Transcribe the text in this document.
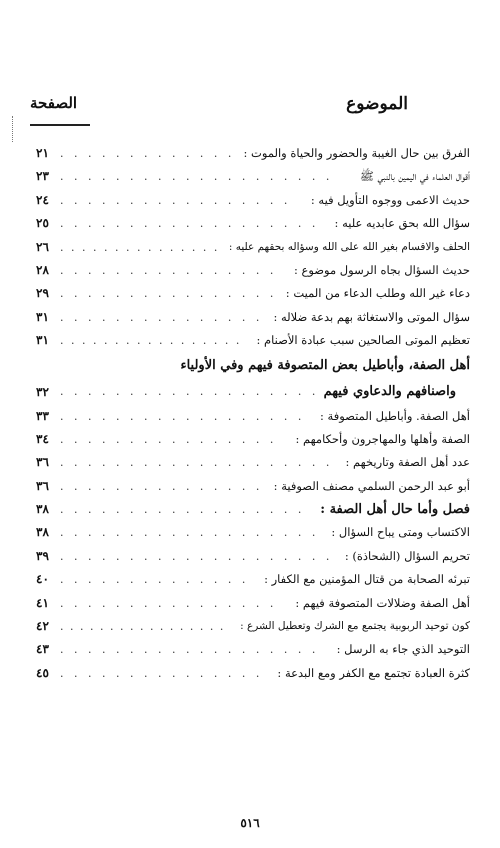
الموضوع
الصفحة
الفرق بين حال الغيبة والحضور والحياة والموت :
. . . . . . . . . . . . .
٢١
أقوال العلماء في اليمين بالنبي ﷺ
. . . . . . . . . . . . . . . . . . . .
٢٣
حديث الاعمى ووجوه التأويل فيه :
. . . . . . . . . . . . . . . . .
٢٤
سؤال الله بحق عابديه عليه :
. . . . . . . . . . . . . . . . . . .
٢٥
الحلف والاقسام بغير الله على الله وسؤاله بحقهم عليه :
. . . . . . . . . . . . . . .
٢٦
حديث السؤال بجاه الرسول موضوع :
. . . . . . . . . . . . . . . .
٢٨
دعاء غير الله وطلب الدعاء من الميت :
. . . . . . . . . . . . . . . .
٢٩
سؤال الموتى والاستغاثة بهم بدعة ضلاله :
. . . . . . . . . . . . . . .
٣١
تعظيم الموتى الصالحين سبب عبادة الأصنام :
. . . . . . . . . . . . . . . . .
٣١
أهل الصفة، وأباطيل بعض المتصوفة فيهم وفي الأولياء
واصنافهم والدعاوي فيهم
. . . . . . . . . . . . . . . . . . .
٣٢
أهل الصفة. وأباطيل المتصوفة :
. . . . . . . . . . . . . . . . . .
٣٣
الصفة وأهلها والمهاجرون وأحكامهم :
. . . . . . . . . . . . . . . .
٣٤
عدد أهل الصفة وتاريخهم :
. . . . . . . . . . . . . . . . . . . .
٣٦
أبو عبد الرحمن السلمي مصنف الصوفية :
. . . . . . . . . . . . . . .
٣٦
فصل وأما حال أهل الصفة :
. . . . . . . . . . . . . . . . . .
٣٨
الاكتساب ومتى يباح السؤال :
. . . . . . . . . . . . . . . . . . .
٣٨
تحريم السؤال (الشحاذة) :
. . . . . . . . . . . . . . . . . . . .
٣٩
تبرئه الصحابة من قتال المؤمنين مع الكفار :
. . . . . . . . . . . . . .
٤٠
أهل الصفة وضلالات المتصوفة فيهم :
. . . . . . . . . . . . . . . .
٤١
كون توحيد الربوبية يجتمع مع الشرك وتعطيل الشرع :
. . . . . . . . . . . . . . . . .
٤٢
التوحيد الذي جاء به الرسل :
. . . . . . . . . . . . . . . . . . .
٤٣
كثرة العبادة تجتمع مع الكفر ومع البدعة :
. . . . . . . . . . . . . . .
٤٥
٥١٦
